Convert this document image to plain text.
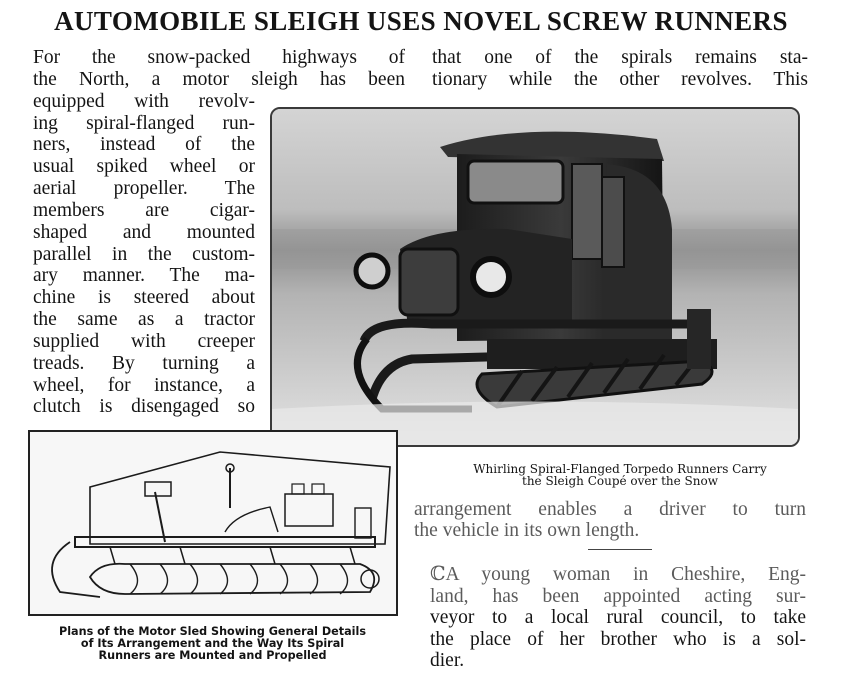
AUTOMOBILE SLEIGH USES NOVEL SCREW RUNNERS
For the snow-packed highways of
the North, a motor sleigh has been
equipped with revolv-
ing spiral-flanged run-
ners, instead of the
usual spiked wheel or
aerial propeller. The
members are cigar-
shaped and mounted
parallel in the custom-
ary manner. The ma-
chine is steered about
the same as a tractor
supplied with creeper
treads. By turning a
wheel, for instance, a
clutch is disengaged so
that one of the spirals remains sta-
tionary while the other revolves. This
Whirling Spiral-Flanged Torpedo Runners Carry
the Sleigh Coupé over the Snow
Plans of the Motor Sled Showing General Details
of Its Arrangement and the Way Its Spiral
Runners are Mounted and Propelled
arrangement enables a driver to turn
the vehicle in its own length.
ℂA young woman in Cheshire, Eng-
land, has been appointed acting sur-
veyor to a local rural council, to take
the place of her brother who is a sol-
dier.
